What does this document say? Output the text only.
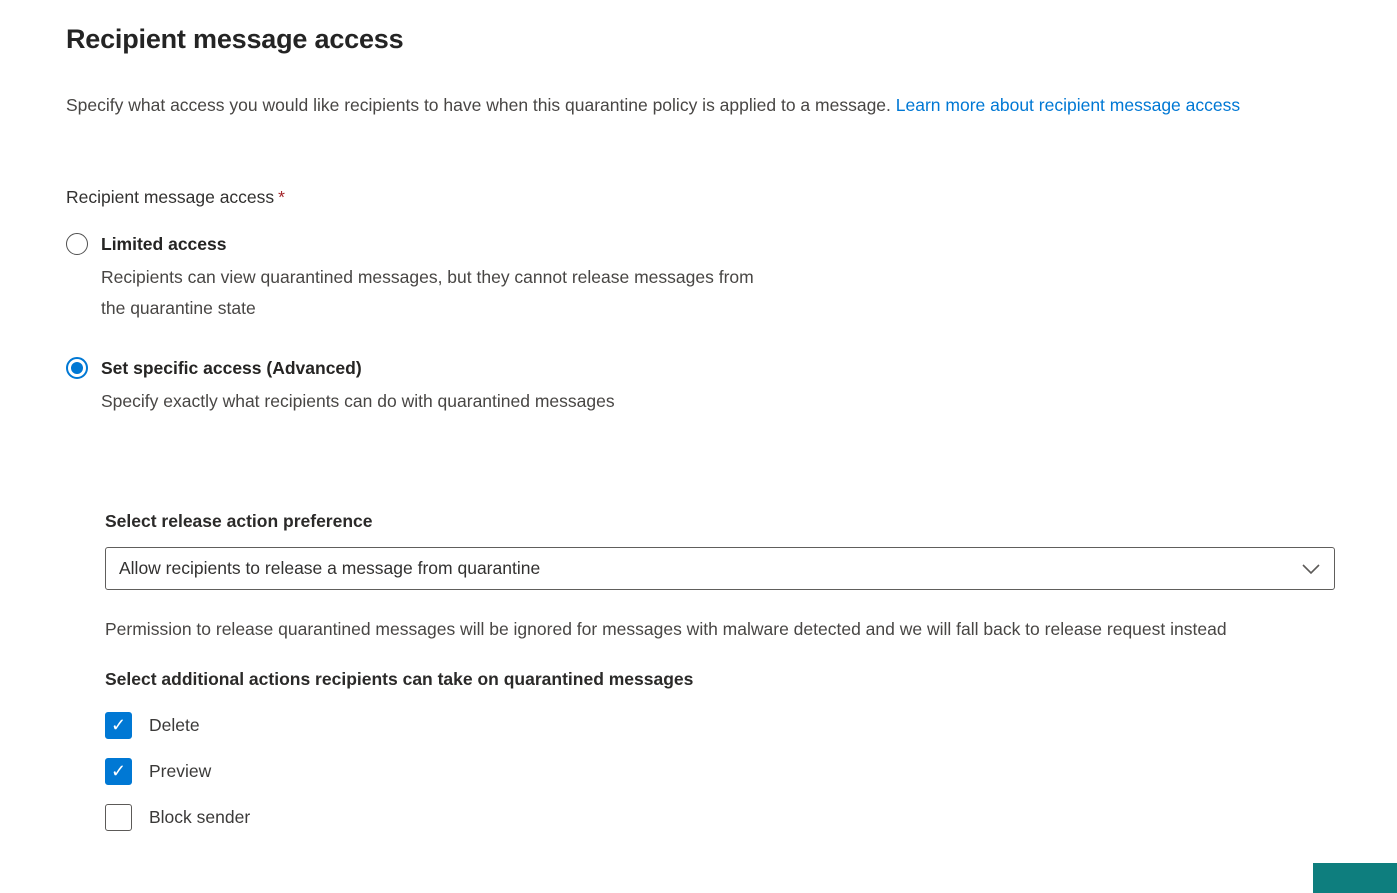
Recipient message access

Specify what access you would like recipients to have when this quarantine policy is applied to a message. Learn more about recipient message access

Recipient message access *
Limited access
Recipients can view quarantined messages, but they cannot release messages from the quarantine state
Set specific access (Advanced)
Specify exactly what recipients can do with quarantined messages
Select release action preference
Allow recipients to release a message from quarantine
Permission to release quarantined messages will be ignored for messages with malware detected and we will fall back to release request instead
Select additional actions recipients can take on quarantined messages
✓ Delete
✓ Preview
Block sender
